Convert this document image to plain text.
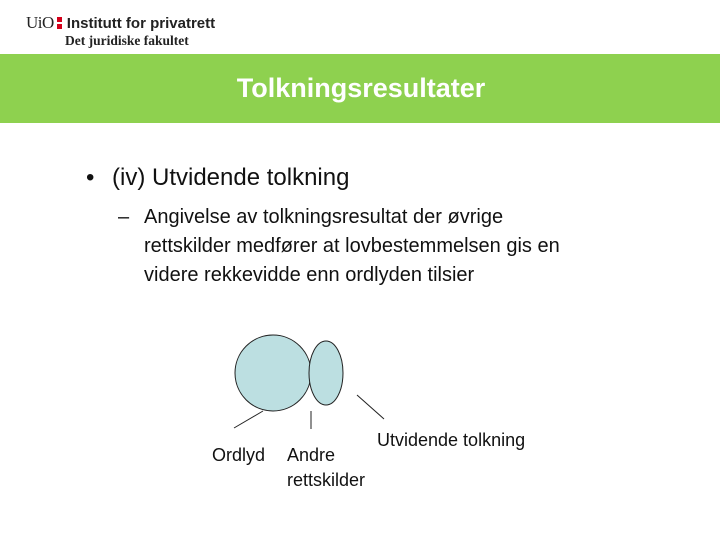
UiO Institutt for privatrett
Det juridiske fakultet
Tolkningsresultater
• (iv) Utvidende tolkning
– Angivelse av tolkningsresultat der øvrige
rettskilder medfører at lovbestemmelsen gis en
videre rekkevidde enn ordlyden tilsier
Ordlyd Andre
rettskilder
Utvidende tolkning
